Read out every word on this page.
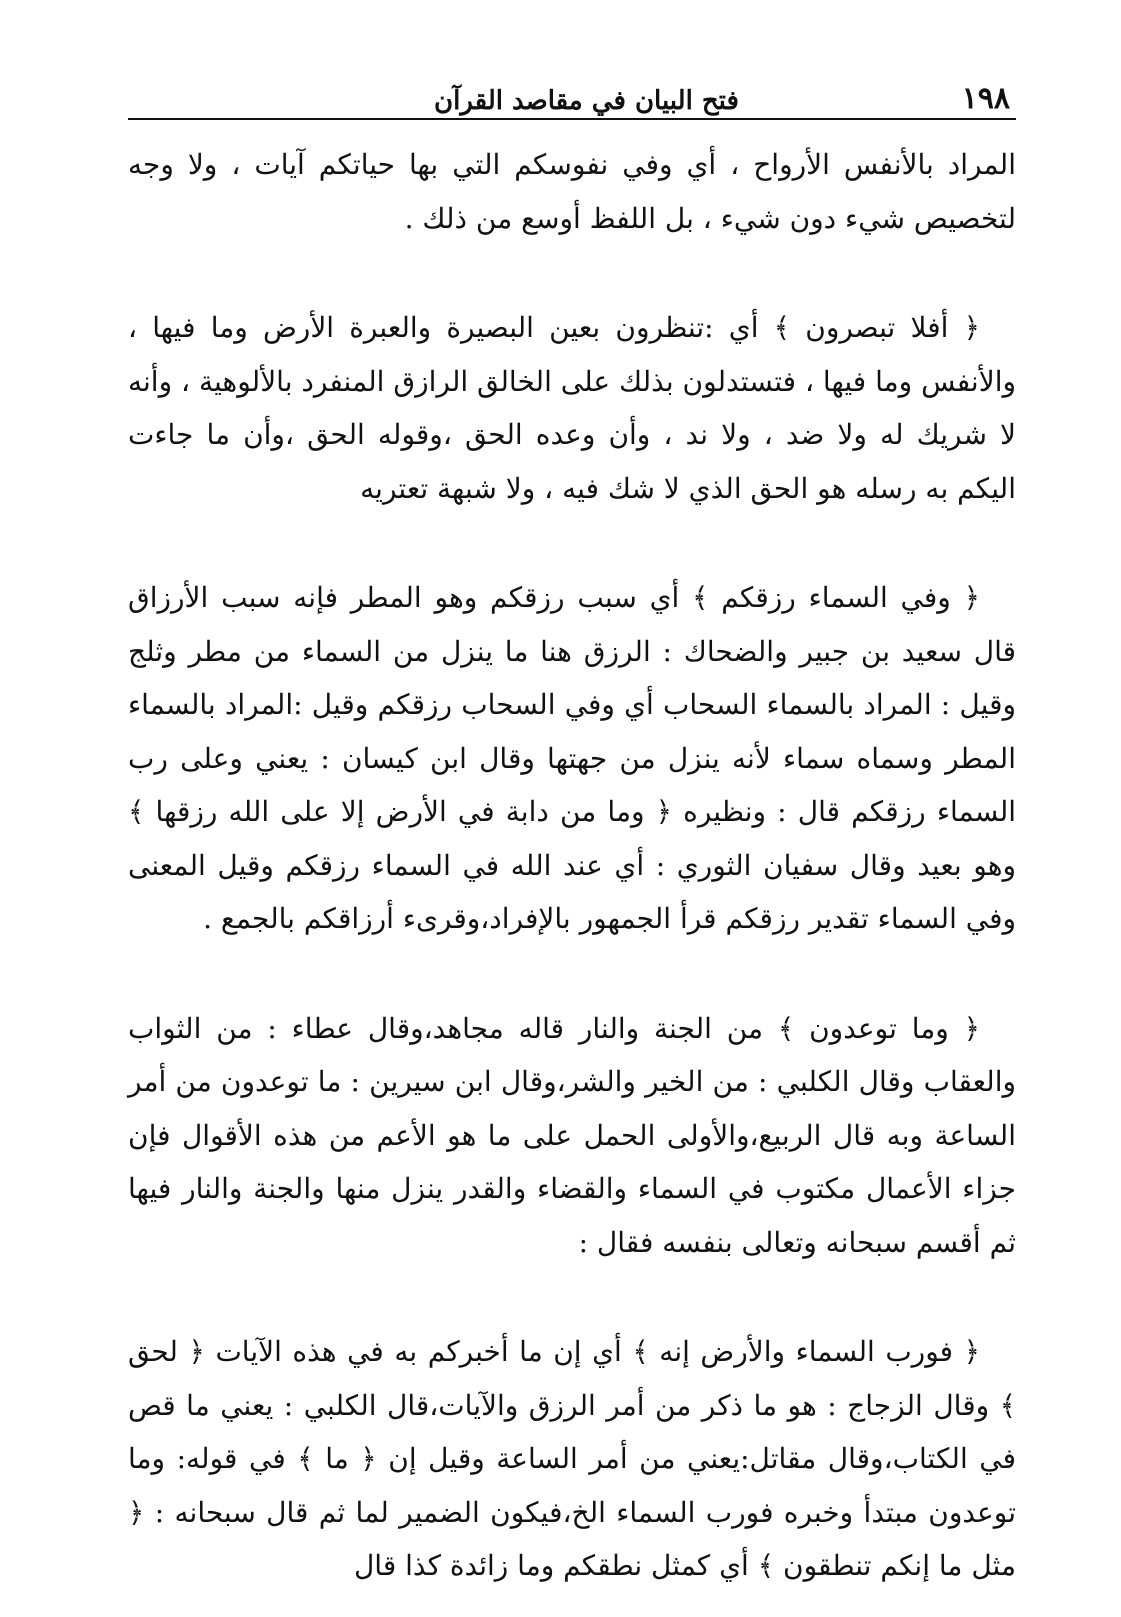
١٩٨
فتح البيان في مقاصد القرآن

المراد بالأنفس الأرواح ، أي وفي نفوسكم التي بها حياتكم آيات ، ولا وجه لتخصيص شيء دون شيء ، بل اللفظ أوسع من ذلك .

﴿ أفلا تبصرون ﴾ أي :تنظرون بعين البصيرة والعبرة الأرض وما فيها ، والأنفس وما فيها ، فتستدلون بذلك على الخالق الرازق المنفرد بالألوهية ، وأنه لا شريك له ولا ضد ، ولا ند ، وأن وعده الحق ،وقوله الحق ،وأن ما جاءت اليكم به رسله هو الحق الذي لا شك فيه ، ولا شبهة تعتريه

﴿ وفي السماء رزقكم ﴾ أي سبب رزقكم وهو المطر فإنه سبب الأرزاق قال سعيد بن جبير والضحاك : الرزق هنا ما ينزل من السماء من مطر وثلج وقيل : المراد بالسماء السحاب أي وفي السحاب رزقكم وقيل :المراد بالسماء المطر وسماه سماء لأنه ينزل من جهتها وقال ابن كيسان : يعني وعلى رب السماء رزقكم قال : ونظيره ﴿ وما من دابة في الأرض إلا على الله رزقها ﴾ وهو بعيد وقال سفيان الثوري : أي عند الله في السماء رزقكم وقيل المعنى وفي السماء تقدير رزقكم قرأ الجمهور بالإفراد،وقرىء أرزاقكم بالجمع .

﴿ وما توعدون ﴾ من الجنة والنار قاله مجاهد،وقال عطاء : من الثواب والعقاب وقال الكلبي : من الخير والشر،وقال ابن سيرين : ما توعدون من أمر الساعة وبه قال الربيع،والأولى الحمل على ما هو الأعم من هذه الأقوال فإن جزاء الأعمال مكتوب في السماء والقضاء والقدر ينزل منها والجنة والنار فيها ثم أقسم سبحانه وتعالى بنفسه فقال :

﴿ فورب السماء والأرض إنه ﴾ أي إن ما أخبركم به في هذه الآيات ﴿ لحق ﴾ وقال الزجاج : هو ما ذكر من أمر الرزق والآيات،قال الكلبي : يعني ما قص في الكتاب،وقال مقاتل:يعني من أمر الساعة وقيل إن ﴿ ما ﴾ في قوله: وما توعدون مبتدأ وخبره فورب السماء الخ،فيكون الضمير لما ثم قال سبحانه : ﴿ مثل ما إنكم تنطقون ﴾ أي كمثل نطقكم وما زائدة كذا قال
